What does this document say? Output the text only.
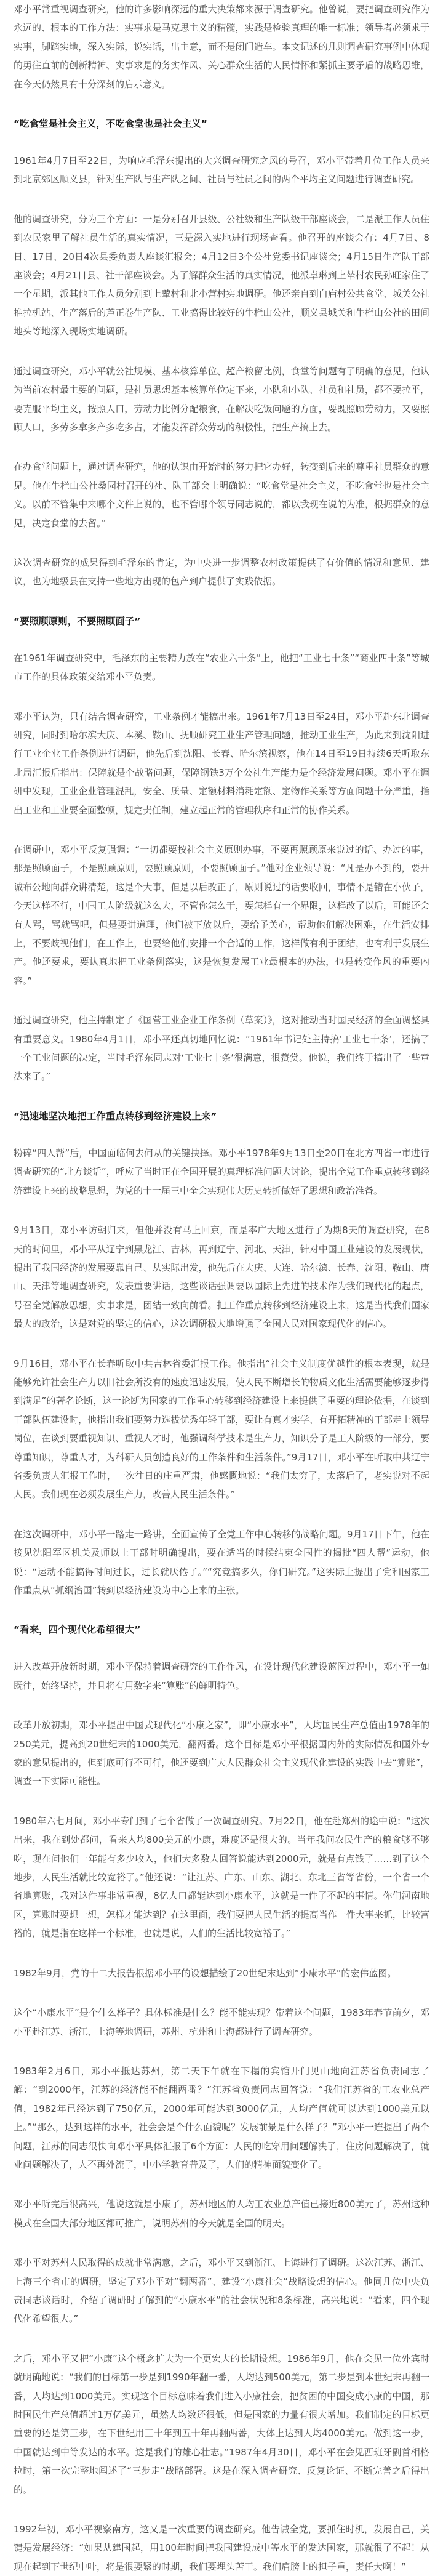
邓小平常重视调查研究，他的许多影响深远的重大决策都来源于调查研究。他曾说，要把调查研究作为永远的、根本的工作方法：实事求是马克思主义的精髓，实践是检验真理的唯一标准；领导者必须求于实事，脚踏实地，深入实际，说实话，出主意，而不是闭门造车。本文记述的几则调查研究事例中体现的勇往直前的创新精神、实事求是的务实作风、关心群众生活的人民情怀和紧抓主要矛盾的战略思维，在今天仍然具有十分深刻的启示意义。

“吃食堂是社会主义，不吃食堂也是社会主义”

1961年4月7日至22日，为响应毛泽东提出的大兴调查研究之风的号召，邓小平带着几位工作人员来到北京郊区顺义县，针对生产队与生产队之间、社员与社员之间的两个平均主义问题进行调查研究。

他的调查研究，分为三个方面：一是分别召开县级、公社级和生产队级干部座谈会，二是派工作人员住到农民家里了解社员生活的真实情况，三是深入实地进行现场查看。他召开的座谈会有：4月7日、8日、17日、20日4次县委负责人座谈汇报会；4月12日3个公社党委书记座谈会；4月15日生产队干部座谈会；4月21日县、社干部座谈会。为了解群众生活的真实情况，他派卓琳到上辇村农民孙旺家住了一个星期，派其他工作人员分别到上辇村和北小营村实地调研。他还亲自到白庙村公共食堂、城关公社推拉机站、生产落后的芦正卷生产队、工业搞得比较好的牛栏山公社，顺义县城关和牛栏山公社的田间地头等地深入现场实地调研。

通过调查研究，邓小平就公社规模、基本核算单位、超产粮留比例，食堂等问题有了明确的意见，他认为当前农村最主要的问题，是社员思想基本核算单位定下来，小队和小队、社员和社员，都不要拉平，要克服平均主义，按照人口，劳动力比例分配粮食，在解决吃饭问题的方面，要既照顾劳动力，又要照顾人口，多劳多拿多产多吃多占，才能发挥群众劳动的积极性，把生产搞上去。

在办食堂问题上，通过调查研究，他的认识由开始时的努力把它办好，转变到后来的尊重社员群众的意见。他在牛栏山公社桑园村召开的社、队干部会上明确说：“吃食堂是社会主义，不吃食堂也是社会主义。以前不管集中来哪个文件上说的，也不管哪个领导同志说的，都以我现在说的为准，根据群众的意见，决定食堂的去留。”

这次调查研究的成果得到毛泽东的肯定，为中央进一步调整农村政策提供了有价值的情况和意见、建议，也为地级县在支持一些地方出现的包产到户提供了实践依据。

“要照顾原则，不要照顾面子”

在1961年调查研究中，毛泽东的主要精力放在“农业六十条”上，他把“工业七十条”“商业四十条”等城市工作的具体政策交给邓小平负责。

邓小平认为，只有结合调查研究，工业条例才能搞出来。1961年7月13日至24日，邓小平赴东北调查研究，同时到哈尔滨大庆、本溪、鞍山、抚顺研究工业生产管理问题，推动工业生产，为此来到沈阳进行工业企业工作条例进行调研，他先后到沈阳、长春、哈尔滨视察，他在14日至19日持续6天听取东北局汇报后指出：保障就是个战略问题，保障钢铁3万个公社生产能力是个经济发展问题。邓小平在调研中发现，工业企业管理混乱，安全、质量、定额材料消耗定额、定物作关系等方面问题十分严重，指出工业和工业要全面整顿，规定责任制，建立起正常的管理秩序和正常的协作关系。

在调研中，邓小平反复强调：“一切都要按社会主义原则办事，不要再照顾原来说过的话、办过的事，那是照顾面子，不是照顾原则，要照顾原则，不要照顾面子。”他对企业领导说：“凡是办不到的，要开诚布公地向群众讲清楚，这是个大事，但是以后改正了，原则说过的话要收回，事情不是错在小伙子，今天这样不行，中国工人阶级就这么大，不管你怎么干，要怎样有一个界限，这样改了以后，可能还会有人骂，骂就骂吧，但是要讲道理，他们被下放以后，要给予关心，帮助他们解决困难，在生活安排上，不要歧视他们，在工作上，也要给他们安排一个合适的工作，这样做有利于团结，也有利于发展生产。他还要求，要认真地把工业条例落实，这是恢复发展工业最根本的办法，也是转变作风的重要内容。”

通过调查研究，他主持制定了《国营工业企业工作条例（草案）》，这对推动当时国民经济的全面调整具有重要意义。1980年4月1日，邓小平还真切地回忆说：“1961年书记处主持搞‘工业七十条’，还搞了一个工业问题的决定，当时毛泽东同志对‘工业七十条’很满意，很赞赏。他说，我们终于搞出了一些章法来了。”

“迅速地坚决地把工作重点转移到经济建设上来”

粉碎“四人帮”后，中国面临何去何从的关键抉择。邓小平1978年9月13日至20日在北方四省一市进行调查研究的“北方谈话”，呼应了当时正在全国开展的真理标准问题大讨论，提出全党工作重点转移到经济建设上来的战略思想，为党的十一届三中全会实现伟大历史转折做好了思想和政治准备。

9月13日，邓小平访朝归来，但他并没有马上回京，而是率广大地区进行了为期8天的调查研究，在8天的时间里，邓小平从辽宁到黑龙江、吉林，再到辽宁、河北、天津，针对中国工业建设的发展现状，提出了我国经济的发展要靠自己、从实际出发，他先后在大庆、大连、哈尔滨、长春、沈阳、鞍山、唐山、天津等地调查研究，发表重要讲话，这些谈话强调要以国际上先进的技术作为我们现代化的起点，号召全党解放思想，实事求是，团结一致向前看。把工作重点转移到经济建设上来，这是当代我们国家最大的政治，这是对党的坚定的信心，这次调研极大地增强了全国人民对国家现代化的信心。

9月16日，邓小平在长春听取中共吉林省委汇报工作。他指出“社会主义制度优越性的根本表现，就是能够允许社会生产力以旧社会所没有的速度迅速发展，使人民不断增长的物质文化生活需要能够逐步得到满足”的著名论断，这一论断为国家的工作重心转移到经济建设上来提供了重要的理论依据，在谈到干部队伍建设时，他指出我们要努力选拔优秀年轻干部，要让有真才实学、有开拓精神的干部走上领导岗位，在谈到要重视知识、重视人才时，他强调科学技术是生产力，知识分子是工人阶级的一部分，要尊重知识，尊重人才，为科研人员创造良好的工作条件和生活条件。”9月17日，邓小平在听取中共辽宁省委负责人汇报工作时，一次往日的庄重严肃，他感慨地说：“我们太穷了，太落后了，老实说对不起人民。我们现在必须发展生产力，改善人民生活条件。”

在这次调研中，邓小平一路走一路讲，全面宣传了全党工作中心转移的战略问题。9月17日下午，他在接见沈阳军区机关及师以上干部时明确提出，要在适当的时候结束全国性的揭批“四人帮”运动，他说：“运动不能搞得时间过长，过长就厌倦了。”“究竟搞多久，你们研究。”这实际上提出了党和国家工作重点从“抓纲治国”转到以经济建设为中心上来的主张。

“看来，四个现代化希望很大”

进入改革开放新时期，邓小平保持着调查研究的工作作风，在设计现代化建设蓝图过程中，邓小平一如既往，始终坚持，并且将有用数字来“算账”的鲜明特色。

改革开放初期，邓小平提出中国式现代化“小康之家”，即“小康水平”，人均国民生产总值由1978年的250美元，提高到20世纪末的1000美元，翻两番。这个目标是邓小平根据国内外的实际情况和国外专家的意见提出的，但到底可行不可行，他还要到广大人民群众社会主义现代化建设的实践中去“算账”，调查一下实际可能性。

1980年六七月间，邓小平专门到了七个省做了一次调查研究。7月22日，他在赴郑州的途中说：“这次出来，我在到处都问，看来人均800美元的小康，难度还是很大的。当年我问农民生产的粮食够不够吃，现在问他们一年能有多少收入，他们大多数人回答说能达到2000元，就是有点钱了……到了这个地步，人民生活就比较宽裕了。”他还说：“让江苏、广东、山东、湖北、东北三省等省份，一个省一个省地算账，我对这件事非常重视，8亿人口都能达到小康水平，这就是一件了不起的事情。你们河南地区，算账时要想一想，怎样才能达到？在这里面，我们要把人民生活的提高当作一件大事来抓，比较富裕的，就是指在这样一个标准，也就是说，人们的生活比较宽裕了。”

1982年9月，党的十二大报告根据邓小平的设想描绘了20世纪末达到“小康水平”的宏伟蓝图。

这个“小康水平”是个什么样子？具体标准是什么？能不能实现？带着这个问题，1983年春节前夕，邓小平赴江苏、浙江、上海等地调研，苏州、杭州和上海都进行了调查研究。

1983年2月6日，邓小平抵达苏州，第二天下午就在下榻的宾馆开门见山地向江苏省负责同志了解：“到2000年，江苏的经济能不能翻两番？”江苏省负责同志回答说：“我们江苏省的工农业总产值，1982年已经达到了750亿元，2000年可能达到3000亿元，人均产值就可以达到1000美元以上。”“那么，达到这样的水平，社会会是个什么面貌呢？发展前景是什么样子？”邓小平一连提出了两个问题，江苏的同志很快向邓小平具体汇报了6个方面：人民的吃穿用问题解决了，住房问题解决了，就业问题解决了，人不再外流了，中小学教育普及了，人们的精神面貌变化了。

邓小平听完后很高兴，他说这就是小康了，苏州地区的人均工农业总产值已接近800美元了，苏州这种模式在全国大部分地区都可推广，说明苏州的今天就是全国的明天。

邓小平对苏州人民取得的成就非常满意，之后，邓小平又到浙江、上海进行了调研。这次江苏、浙江、上海三个省市的调研，坚定了邓小平对“翻两番”、建设“小康社会”战略设想的信心。他同几位中央负责同志谈话时，介绍了调研时了解到的“小康水平”的社会状况和8条标准，高兴地说：“看来，四个现代化希望很大。”

之后，邓小平又把“小康”这个概念扩大为一个更宏大的长期设想。1986年9月，他在会见一位外宾时就明确地说：“我们的目标第一步是到1990年翻一番，人均达到500美元，第二步是到本世纪末再翻一番，人均达到1000美元。实现这个目标意味着我们进入小康社会，把贫困的中国变成小康的中国，那时国民生产总值超过1万亿美元，虽然人均数还很低，但是国家的力量有很大增加。我们制定的目标更重要的还是第三步，在下世纪用三十年到五十年再翻两番，大体上达到人均4000美元。做到这一步，中国就达到中等发达的水平。这是我们的雄心壮志。”1987年4月30日，邓小平在会见西班牙副首相格拉时，第一次完整地阐述了“三步走”战略部署。这是在深入调查研究、反复论证、不断完善之后得出的。

1992年初，邓小平视察南方，这又是一次重要的调查研究。他告诫全党，要抓住时机，发展自己，关键是发展经济：“如果从建国起，用100年时间把我国建设成中等水平的发达国家，那就很了不起！从现在起到下世纪中叶，将是很要紧的时期，我们要埋头苦干。我们肩膀上的担子重，责任大啊！”
